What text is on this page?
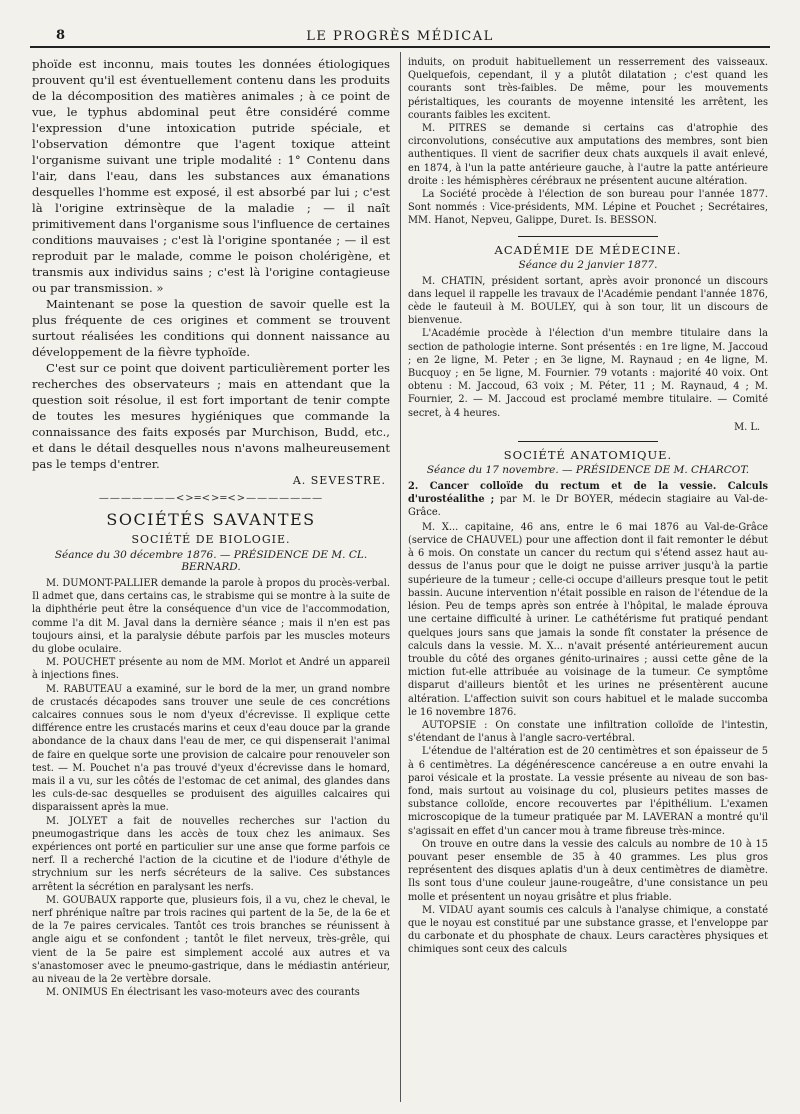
8	LE PROGRÈS MÉDICAL

phoïde est inconnu, mais toutes les données étiologiques prouvent qu'il est éventuellement contenu dans les produits de la décomposition des matières animales ; à ce point de vue, le typhus abdominal peut être considéré comme l'expression d'une intoxication putride spéciale, et l'observation démontre que l'agent toxique atteint l'organisme suivant une triple modalité : 1° Contenu dans l'air, dans l'eau, dans les substances aux émanations desquelles l'homme est exposé, il est absorbé par lui ; c'est là l'origine extrinsèque de la maladie ; — il naît primitivement dans l'organisme sous l'influence de certaines conditions mauvaises ; c'est là l'origine spontanée ; — il est reproduit par le malade, comme le poison cholérigène, et transmis aux individus sains ; c'est là l'origine contagieuse ou par transmission. »

Maintenant se pose la question de savoir quelle est la plus fréquente de ces origines et comment se trouvent surtout réalisées les conditions qui donnent naissance au développement de la fièvre typhoïde.

C'est sur ce point que doivent particulièrement porter les recherches des observateurs ; mais en attendant que la question soit résolue, il est fort important de tenir compte de toutes les mesures hygiéniques que commande la connaissance des faits exposés par Murchison, Budd, etc., et dans le détail desquelles nous n'avons malheureusement pas le temps d'entrer.

A. SEVESTRE.
———————<>═<>═<>———————
SOCIÉTÉS SAVANTES
SOCIÉTÉ DE BIOLOGIE.
Séance du 30 décembre 1876. — PRÉSIDENCE DE M. CL. BERNARD.

M. DUMONT-PALLIER demande la parole à propos du procès-verbal. Il admet que, dans certains cas, le strabisme qui se montre à la suite de la diphthérie peut être la conséquence d'un vice de l'accommodation, comme l'a dit M. Javal dans la dernière séance ; mais il n'en est pas toujours ainsi, et la paralysie débute parfois par les muscles moteurs du globe oculaire.

M. POUCHET présente au nom de MM. Morlot et André un appareil à injections fines.

M. RABUTEAU a examiné, sur le bord de la mer, un grand nombre de crustacés décapodes sans trouver une seule de ces concrétions calcaires connues sous le nom d'yeux d'écrevisse. Il explique cette différence entre les crustacés marins et ceux d'eau douce par la grande abondance de la chaux dans l'eau de mer, ce qui dispenserait l'animal de faire en quelque sorte une provision de calcaire pour renouveler son test. — M. Pouchet n'a pas trouvé d'yeux d'écrevisse dans le homard, mais il a vu, sur les côtés de l'estomac de cet animal, des glandes dans les culs-de-sac desquelles se produisent des aiguilles calcaires qui disparaissent après la mue.

M. JOLYET a fait de nouvelles recherches sur l'action du pneumogastrique dans les accès de toux chez les animaux. Ses expériences ont porté en particulier sur une anse que forme parfois ce nerf. Il a recherché l'action de la cicutine et de l'iodure d'éthyle de strychnium sur les nerfs sécréteurs de la salive. Ces substances arrêtent la sécrétion en paralysant les nerfs.

M. GOUBAUX rapporte que, plusieurs fois, il a vu, chez le cheval, le nerf phrénique naître par trois racines qui partent de la 5e, de la 6e et de la 7e paires cervicales. Tantôt ces trois branches se réunissent à angle aigu et se confondent ; tantôt le filet nerveux, très-grêle, qui vient de la 5e paire est simplement accolé aux autres et va s'anastomoser avec le pneumo-gastrique, dans le médiastin antérieur, au niveau de la 2e vertèbre dorsale.

M. ONIMUS En électrisant les vaso-moteurs avec des courants

induits, on produit habituellement un resserrement des vaisseaux. Quelquefois, cependant, il y a plutôt dilatation ; c'est quand les courants sont très-faibles. De même, pour les mouvements péristaltiques, les courants de moyenne intensité les arrêtent, les courants faibles les excitent.

M. PITRES se demande si certains cas d'atrophie des circonvolutions, consécutive aux amputations des membres, sont bien authentiques. Il vient de sacrifier deux chats auxquels il avait enlevé, en 1874, à l'un la patte antérieure gauche, à l'autre la patte antérieure droite : les hémisphères cérébraux ne présentent aucune altération.

La Société procède à l'élection de son bureau pour l'année 1877. Sont nommés : Vice-présidents, MM. Lépine et Pouchet ; Secrétaires, MM. Hanot, Nepveu, Galippe, Duret. Is. BESSON.

ACADÉMIE DE MÉDECINE.
Séance du 2 janvier 1877.

M. CHATIN, président sortant, après avoir prononcé un discours dans lequel il rappelle les travaux de l'Académie pendant l'année 1876, cède le fauteuil à M. BOULEY, qui à son tour, lit un discours de bienvenue.

L'Académie procède à l'élection d'un membre titulaire dans la section de pathologie interne. Sont présentés : en 1re ligne, M. Jaccoud ; en 2e ligne, M. Peter ; en 3e ligne, M. Raynaud ; en 4e ligne, M. Bucquoy ; en 5e ligne, M. Fournier. 79 votants : majorité 40 voix. Ont obtenu : M. Jaccoud, 63 voix ; M. Péter, 11 ; M. Raynaud, 4 ; M. Fournier, 2. — M. Jaccoud est proclamé membre titulaire. — Comité secret, à 4 heures.

M. L.
SOCIÉTÉ ANATOMIQUE.
Séance du 17 novembre. — PRÉSIDENCE DE M. CHARCOT.

2. Cancer colloïde du rectum et de la vessie. Calculs d'urostéalithe ; par M. le Dr BOYER, médecin stagiaire au Val-de-Grâce.

M. X... capitaine, 46 ans, entre le 6 mai 1876 au Val-de-Grâce (service de CHAUVEL) pour une affection dont il fait remonter le début à 6 mois. On constate un cancer du rectum qui s'étend assez haut au-dessus de l'anus pour que le doigt ne puisse arriver jusqu'à la partie supérieure de la tumeur ; celle-ci occupe d'ailleurs presque tout le petit bassin. Aucune intervention n'était possible en raison de l'étendue de la lésion. Peu de temps après son entrée à l'hôpital, le malade éprouva une certaine difficulté à uriner. Le cathétérisme fut pratiqué pendant quelques jours sans que jamais la sonde fît constater la présence de calculs dans la vessie. M. X... n'avait présenté antérieurement aucun trouble du côté des organes génito-urinaires ; aussi cette gêne de la miction fut-elle attribuée au voisinage de la tumeur. Ce symptôme disparut d'ailleurs bientôt et les urines ne présentèrent aucune altération. L'affection suivit son cours habituel et le malade succomba le 16 novembre 1876.

AUTOPSIE : On constate une infiltration colloïde de l'intestin, s'étendant de l'anus à l'angle sacro-vertébral.

L'étendue de l'altération est de 20 centimètres et son épaisseur de 5 à 6 centimètres. La dégénérescence cancéreuse a en outre envahi la paroi vésicale et la prostate. La vessie présente au niveau de son bas-fond, mais surtout au voisinage du col, plusieurs petites masses de substance colloïde, encore recouvertes par l'épithélium. L'examen microscopique de la tumeur pratiquée par M. LAVERAN a montré qu'il s'agissait en effet d'un cancer mou à trame fibreuse très-mince.

On trouve en outre dans la vessie des calculs au nombre de 10 à 15 pouvant peser ensemble de 35 à 40 grammes. Les plus gros représentent des disques aplatis d'un à deux centimètres de diamètre. Ils sont tous d'une couleur jaune-rougeâtre, d'une consistance un peu molle et présentent un noyau grisâtre et plus friable.

M. VIDAU ayant soumis ces calculs à l'analyse chimique, a constaté que le noyau est constitué par une substance grasse, et l'enveloppe par du carbonate et du phosphate de chaux. Leurs caractères physiques et chimiques sont ceux des calculs
